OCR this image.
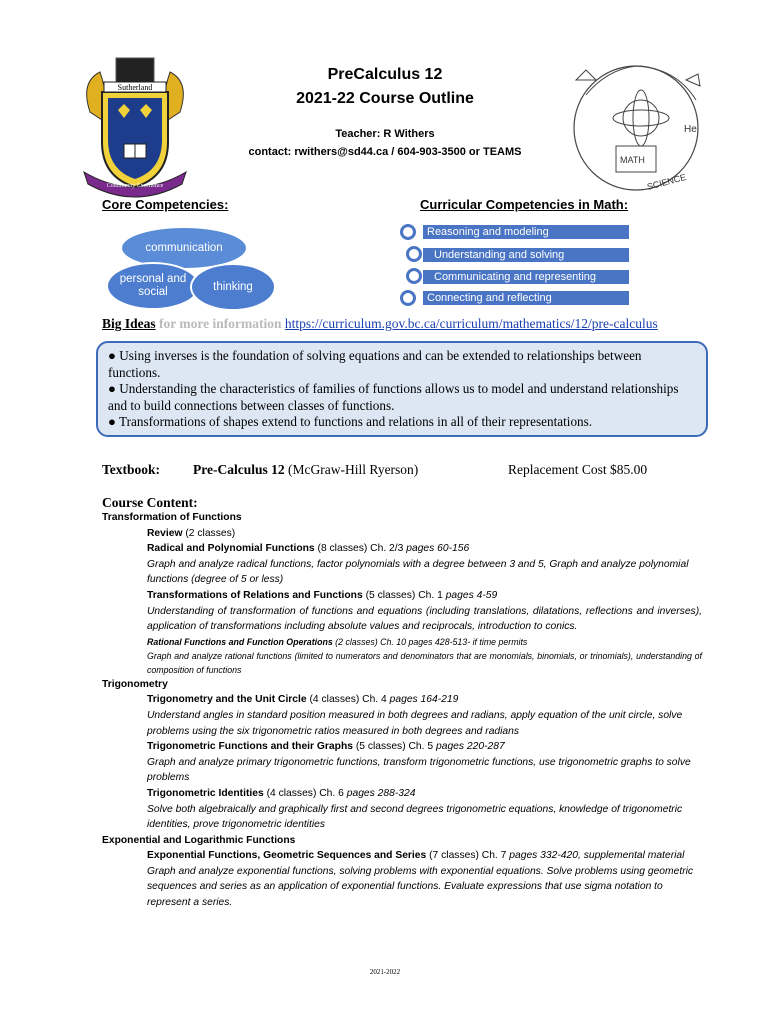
Community Excellence
Sutherland
PreCalculus 12
2021-22 Course Outline
Teacher: R Withers
contact: rwithers@sd44.ca / 604-903-3500 or TEAMS
MATH
SCIENCE
He
Core Competencies:
communication
personal and social	thinking
Curricular Competencies in Math:
Reasoning and modeling
Understanding and solving
Communicating and representing
Connecting and reflecting
Big Ideas for more information https://curriculum.gov.bc.ca/curriculum/mathematics/12/pre-calculus

● Using inverses is the foundation of solving equations and can be extended to relationships between functions.

● Understanding the characteristics of families of functions allows us to model and understand relationships and to build connections between classes of functions.

● Transformations of shapes extend to functions and relations in all of their representations.

Textbook: Pre-Calculus 12 (McGraw-Hill Ryerson)	Replacement Cost $85.00
Course Content:
Transformation of Functions
Review (2 classes)
Radical and Polynomial Functions (8 classes) Ch. 2/3 pages 60-156
Graph and analyze radical functions, factor polynomials with a degree between 3 and 5, Graph and analyze polynomial functions (degree of 5 or less)
Transformations of Relations and Functions (5 classes) Ch. 1 pages 4-59
Understanding of transformation of functions and equations (including translations, dilatations, reflections and inverses), application of transformations including absolute values and reciprocals, introduction to conics.
Rational Functions and Function Operations (2 classes) Ch. 10 pages 428-513- if time permits
Graph and analyze rational functions (limited to numerators and denominators that are monomials, binomials, or trinomials), understanding of composition of functions
Trigonometry
Trigonometry and the Unit Circle (4 classes) Ch. 4 pages 164-219
Understand angles in standard position measured in both degrees and radians, apply equation of the unit circle, solve problems using the six trigonometric ratios measured in both degrees and radians
Trigonometric Functions and their Graphs (5 classes) Ch. 5 pages 220-287
Graph and analyze primary trigonometric functions, transform trigonometric functions, use trigonometric graphs to solve problems
Trigonometric Identities (4 classes) Ch. 6 pages 288-324
Solve both algebraically and graphically first and second degrees trigonometric equations, knowledge of trigonometric identities, prove trigonometric identities
Exponential and Logarithmic Functions
Exponential Functions, Geometric Sequences and Series (7 classes) Ch. 7 pages 332-420, supplemental material
Graph and analyze exponential functions, solving problems with exponential equations. Solve problems using geometric sequences and series as an application of exponential functions. Evaluate expressions that use sigma notation to represent a series.
2021-2022
